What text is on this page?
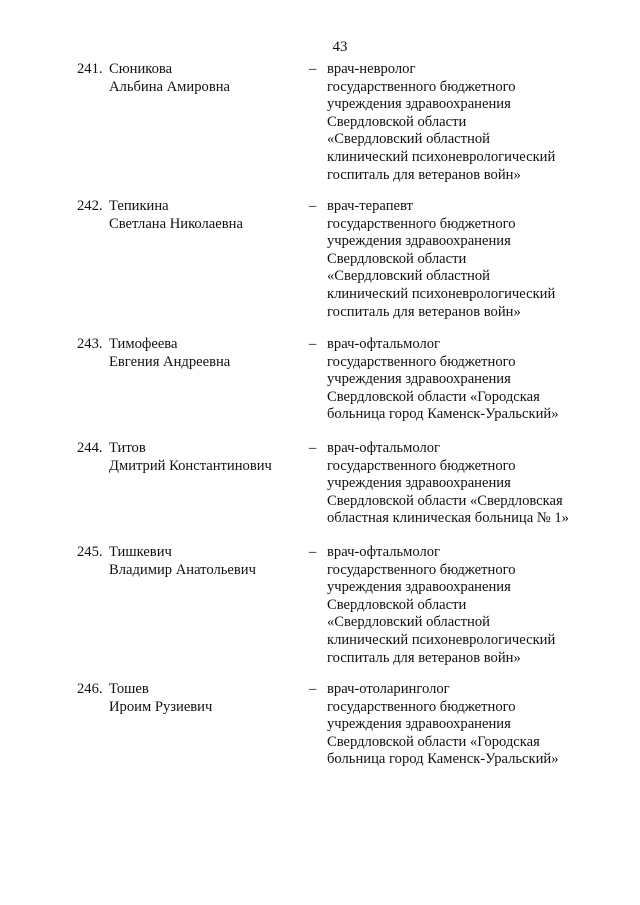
43
241. Сюникова
Альбина Амировна
– врач-невролог
государственного бюджетного
учреждения здравоохранения
Свердловской области
«Свердловский областной
клинический психоневрологический
госпиталь для ветеранов войн»
242. Тепикина
Светлана Николаевна
– врач-терапевт
государственного бюджетного
учреждения здравоохранения
Свердловской области
«Свердловский областной
клинический психоневрологический
госпиталь для ветеранов войн»
243. Тимофеева
Евгения Андреевна
– врач-офтальмолог
государственного бюджетного
учреждения здравоохранения
Свердловской области «Городская
больница город Каменск-Уральский»
244. Титов
Дмитрий Константинович
– врач-офтальмолог
государственного бюджетного
учреждения здравоохранения
Свердловской области «Свердловская
областная клиническая больница № 1»
245. Тишкевич
Владимир Анатольевич
– врач-офтальмолог
государственного бюджетного
учреждения здравоохранения
Свердловской области
«Свердловский областной
клинический психоневрологический
госпиталь для ветеранов войн»
246. Тошев
Ироим Рузиевич
– врач-отоларинголог
государственного бюджетного
учреждения здравоохранения
Свердловской области «Городская
больница город Каменск-Уральский»
